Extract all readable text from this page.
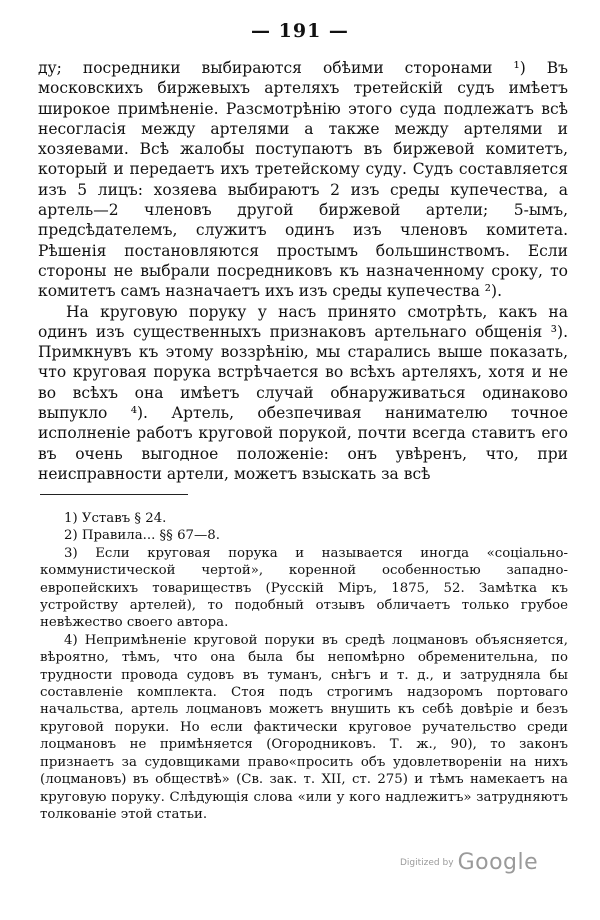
— 191 —

ду; посредники выбираются обѣими сторонами ¹) Въ московскихъ биржевыхъ артеляхъ третейскій судъ имѣетъ широкое примѣненіе. Разсмотрѣнію этого суда подлежатъ всѣ несогласія между артелями а также между артелями и хозяевами. Всѣ жалобы поступаютъ въ биржевой комитетъ, который и передаетъ ихъ третейскому суду. Судъ составляется изъ 5 лицъ: хозяева выбираютъ 2 изъ среды купечества, а артель—2 членовъ другой биржевой артели; 5-ымъ, предсѣдателемъ, служитъ одинъ изъ членовъ комитета. Рѣшенія постановляются простымъ большинствомъ. Если стороны не выбрали посредниковъ къ назначенному сроку, то комитетъ самъ назначаетъ ихъ изъ среды купечества ²).

На круговую поруку у насъ принято смотрѣть, какъ на одинъ изъ существенныхъ признаковъ артельнаго общенія ³). Примкнувъ къ этому воззрѣнію, мы старались выше показать, что круговая порука встрѣчается во всѣхъ артеляхъ, хотя и не во всѣхъ она имѣетъ случай обнаруживаться одинаково выпукло ⁴). Артель, обезпечивая нанимателю точное исполненіе работъ круговой порукой, почти всегда ставитъ его въ очень выгодное положеніе: онъ увѣренъ, что, при неисправности артели, можетъ взыскать за всѣ

1) Уставъ § 24.

2) Правила... §§ 67—8.

3) Если круговая порука и называется иногда «соціально-коммунистической чертой», коренной особенностью западно-европейскихъ товариществъ (Русскій Міръ, 1875, 52. Замѣтка къ устройству артелей), то подобный отзывъ обличаетъ только грубое невѣжество своего автора.

4) Непримѣненіе круговой поруки въ средѣ лоцмановъ объясняется, вѣроятно, тѣмъ, что она была бы непомѣрно обременительна, по трудности провода судовъ въ туманъ, снѣгъ и т. д., и затрудняла бы составленіе комплекта. Стоя подъ строгимъ надзоромъ портоваго начальства, артель лоцмановъ можетъ внушить къ себѣ довѣріе и безъ круговой поруки. Но если фактически круговое ручательство среди лоцмановъ не примѣняется (Огородниковъ. Т. ж., 90), то законъ признаетъ за судовщиками право«просить объ удовлетвореніи на нихъ (лоцмановъ) въ обществѣ» (Св. зак. т. XII, ст. 275) и тѣмъ намекаетъ на круговую поруку. Слѣдующія слова «или у кого надлежитъ» затрудняютъ толкованіе этой статьи.

Digitized by Google
